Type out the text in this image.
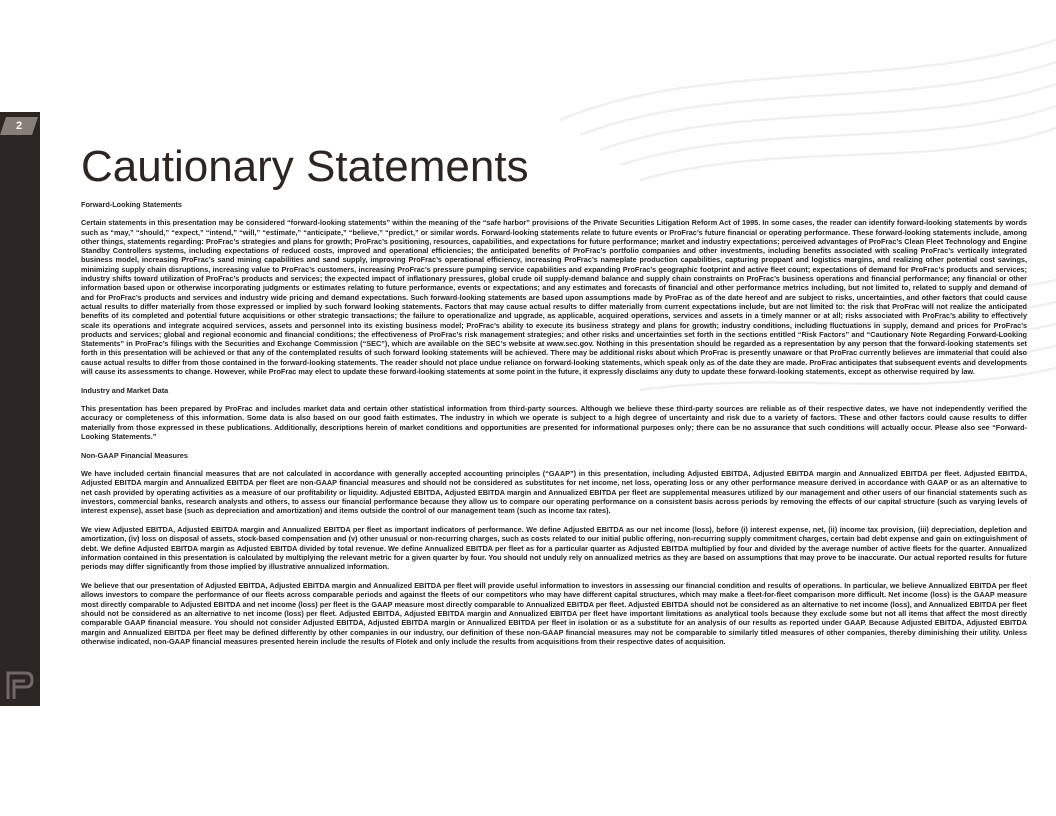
2
Cautionary Statements

Forward-Looking Statements

Certain statements in this presentation may be considered “forward-looking statements” within the meaning of the “safe harbor” provisions of the Private Securities Litigation Reform Act of 1995. In some cases, the reader can identify forward-looking statements by words such as “may,” “should,” “expect,” “intend,” “will,” “estimate,” “anticipate,” “believe,” “predict,” or similar words. Forward-looking statements relate to future events or ProFrac’s future financial or operating performance. These forward-looking statements include, among other things, statements regarding: ProFrac’s strategies and plans for growth; ProFrac’s positioning, resources, capabilities, and expectations for future performance; market and industry expectations; perceived advantages of ProFrac’s Clean Fleet Technology and Engine Standby Controllers systems, including expectations of reduced costs, improved and operational efficiencies; the anticipated benefits of ProFrac’s portfolio companies and other investments, including benefits associated with scaling ProFrac’s vertically integrated business model, increasing ProFrac’s sand mining capabilities and sand supply, improving ProFrac’s operational efficiency, increasing ProFrac’s nameplate production capabilities, capturing proppant and logistics margins, and realizing other potential cost savings, minimizing supply chain disruptions, increasing value to ProFrac’s customers, increasing ProFrac’s pressure pumping service capabilities and expanding ProFrac’s geographic footprint and active fleet count; expectations of demand for ProFrac’s products and services; industry shifts toward utilization of ProFrac’s products and services; the expected impact of inflationary pressures, global crude oil supply-demand balance and supply chain constraints on ProFrac’s business operations and financial performance; any financial or other information based upon or otherwise incorporating judgments or estimates relating to future performance, events or expectations; and any estimates and forecasts of financial and other performance metrics including, but not limited to, related to supply and demand of and for ProFrac’s products and services and industry wide pricing and demand expectations. Such forward-looking statements are based upon assumptions made by ProFrac as of the date hereof and are subject to risks, uncertainties, and other factors that could cause actual results to differ materially from those expressed or implied by such forward looking statements. Factors that may cause actual results to differ materially from current expectations include, but are not limited to: the risk that ProFrac will not realize the anticipated benefits of its completed and potential future acquisitions or other strategic transactions; the failure to operationalize and upgrade, as applicable, acquired operations, services and assets in a timely manner or at all; risks associated with ProFrac’s ability to effectively scale its operations and integrate acquired services, assets and personnel into its existing business model; ProFrac’s ability to execute its business strategy and plans for growth; industry conditions, including fluctuations in supply, demand and prices for ProFrac’s products and services; global and regional economic and financial conditions; the effectiveness of ProFrac’s risk management strategies; and other risks and uncertainties set forth in the sections entitled “Risk Factors” and “Cautionary Note Regarding Forward-Looking Statements” in ProFrac’s filings with the Securities and Exchange Commission (“SEC”), which are available on the SEC’s website at www.sec.gov. Nothing in this presentation should be regarded as a representation by any person that the forward-looking statements set forth in this presentation will be achieved or that any of the contemplated results of such forward looking statements will be achieved. There may be additional risks about which ProFrac is presently unaware or that ProFrac currently believes are immaterial that could also cause actual results to differ from those contained in the forward-looking statements. The reader should not place undue reliance on forward-looking statements, which speak only as of the date they are made. ProFrac anticipates that subsequent events and developments will cause its assessments to change. However, while ProFrac may elect to update these forward-looking statements at some point in the future, it expressly disclaims any duty to update these forward-looking statements, except as otherwise required by law.

Industry and Market Data

This presentation has been prepared by ProFrac and includes market data and certain other statistical information from third-party sources. Although we believe these third-party sources are reliable as of their respective dates, we have not independently verified the accuracy or completeness of this information. Some data is also based on our good faith estimates. The industry in which we operate is subject to a high degree of uncertainty and risk due to a variety of factors. These and other factors could cause results to differ materially from those expressed in these publications. Additionally, descriptions herein of market conditions and opportunities are presented for informational purposes only; there can be no assurance that such conditions will actually occur. Please also see “Forward-Looking Statements.”

Non-GAAP Financial Measures

We have included certain financial measures that are not calculated in accordance with generally accepted accounting principles (“GAAP”) in this presentation, including Adjusted EBITDA, Adjusted EBITDA margin and Annualized EBITDA per fleet. Adjusted EBITDA, Adjusted EBITDA margin and Annualized EBITDA per fleet are non-GAAP financial measures and should not be considered as substitutes for net income, net loss, operating loss or any other performance measure derived in accordance with GAAP or as an alternative to net cash provided by operating activities as a measure of our profitability or liquidity. Adjusted EBITDA, Adjusted EBITDA margin and Annualized EBITDA per fleet are supplemental measures utilized by our management and other users of our financial statements such as investors, commercial banks, research analysts and others, to assess our financial performance because they allow us to compare our operating performance on a consistent basis across periods by removing the effects of our capital structure (such as varying levels of interest expense), asset base (such as depreciation and amortization) and items outside the control of our management team (such as income tax rates).

We view Adjusted EBITDA, Adjusted EBITDA margin and Annualized EBITDA per fleet as important indicators of performance. We define Adjusted EBITDA as our net income (loss), before (i) interest expense, net, (ii) income tax provision, (iii) depreciation, depletion and amortization, (iv) loss on disposal of assets, stock-based compensation and (v) other unusual or non-recurring charges, such as costs related to our initial public offering, non-recurring supply commitment charges, certain bad debt expense and gain on extinguishment of debt. We define Adjusted EBITDA margin as Adjusted EBITDA divided by total revenue. We define Annualized EBITDA per fleet as for a particular quarter as Adjusted EBITDA multiplied by four and divided by the average number of active fleets for the quarter. Annualized information contained in this presentation is calculated by multiplying the relevant metric for a given quarter by four. You should not unduly rely on annualized metrics as they are based on assumptions that may prove to be inaccurate. Our actual reported results for future periods may differ significantly from those implied by illustrative annualized information.

We believe that our presentation of Adjusted EBITDA, Adjusted EBITDA margin and Annualized EBITDA per fleet will provide useful information to investors in assessing our financial condition and results of operations. In particular, we believe Annualized EBITDA per fleet allows investors to compare the performance of our fleets across comparable periods and against the fleets of our competitors who may have different capital structures, which may make a fleet-for-fleet comparison more difficult. Net income (loss) is the GAAP measure most directly comparable to Adjusted EBITDA and net income (loss) per fleet is the GAAP measure most directly comparable to Annualized EBITDA per fleet. Adjusted EBITDA should not be considered as an alternative to net income (loss), and Annualized EBITDA per fleet should not be considered as an alternative to net income (loss) per fleet. Adjusted EBITDA, Adjusted EBITDA margin and Annualized EBITDA per fleet have important limitations as analytical tools because they exclude some but not all items that affect the most directly comparable GAAP financial measure. You should not consider Adjusted EBITDA, Adjusted EBITDA margin or Annualized EBITDA per fleet in isolation or as a substitute for an analysis of our results as reported under GAAP. Because Adjusted EBITDA, Adjusted EBITDA margin and Annualized EBITDA per fleet may be defined differently by other companies in our industry, our definition of these non-GAAP financial measures may not be comparable to similarly titled measures of other companies, thereby diminishing their utility. Unless otherwise indicated, non-GAAP financial measures presented herein include the results of Flotek and only include the results from acquisitions from their respective dates of acquisition.
